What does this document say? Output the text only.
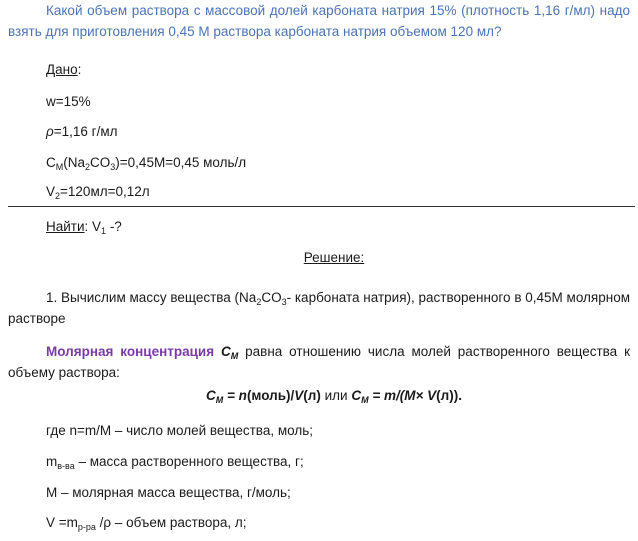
Какой объем раствора с массовой долей карбоната натрия 15% (плотность 1,16 г/мл) надо взять для приготовления 0,45 М раствора карбоната натрия объемом 120 мл?
Дано:
w=15%
ρ=1,16 г/мл
$C_M(Na_2CO_3)=0,45M=0,45$ моль/л
$V_2=120мл=0,12л$
Найти: $V_1$ -?
Решение:
1. Вычислим массу вещества ($Na_2CO_3-$ карбоната натрия), растворенного в 0,45М молярном растворе
Молярная концентрация $C_M$ равна отношению числа молей растворенного вещества к объему раствора:
$C_M$ = n(моль)/V(л) или $C_M = m/(M\times V(л))$.
где n=m/M – число молей вещества, моль;
$m_{в-ва}$ – масса растворенного вещества, г;
M – молярная масса вещества, г/моль;
$V =m_{р-ра}$ /ρ – объем раствора, л;
